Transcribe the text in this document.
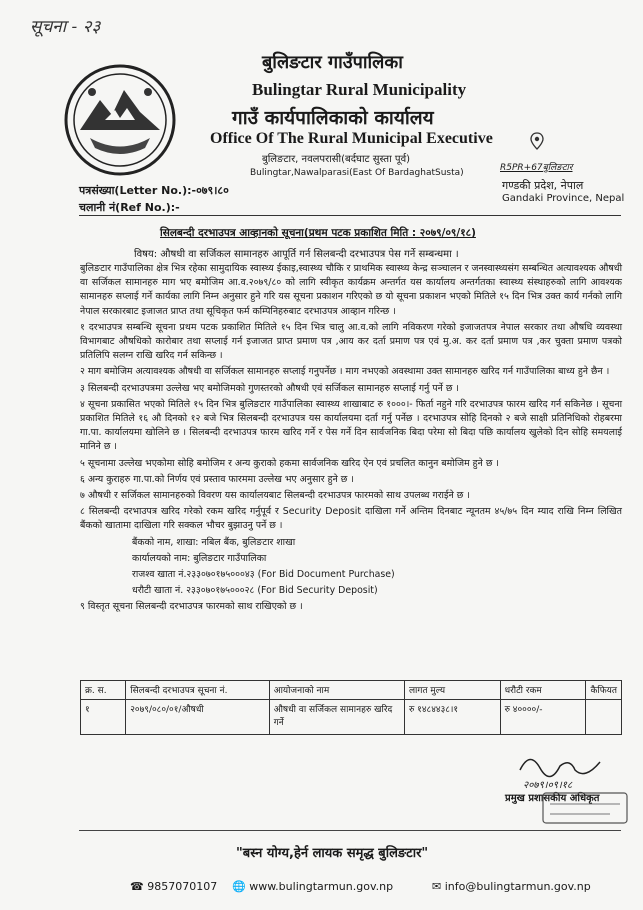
सूचना - २३
बुलिङटार गाउँपालिका
Bulingtar Rural Municipality
गाउँ कार्यपालिकाको कार्यालय
Office Of The Rural Municipal Executive
बुलिङटार, नवलपरासी(बर्दघाट सुस्ता पूर्व)
Bulingtar,Nawalparasi(East Of BardaghatSusta)	R5PR+67बुलिङटार
गण्डकी प्रदेश, नेपाल
Gandaki Province, Nepal
पत्रसंख्या(Letter No.):-०७९।८०
चलानी नं(Ref No.):-
सिलबन्दी दरभाउपत्र आव्हानको सूचना(प्रथम पटक प्रकाशित मिति : २०७९/०९/१८)
विषय: औषधी वा सर्जिकल सामानहरु आपूर्ति गर्न सिलबन्दी दरभाउपत्र पेस गर्ने सम्बन्धमा ।

बुलिङटार गाउँपालिका क्षेत्र भित्र रहेका सामुदायिक स्वास्थ्य ईकाइ,स्वास्थ्य चौकि र प्राथमिक स्वास्थ्य केन्द्र सञ्चालन र जनस्वास्थ्यसंग सम्बन्धित अत्यावश्यक औषधी वा सर्जिकल सामानहरु माग भए बमोजिम आ.व.२०७९/८० को लागि स्वीकृत कार्यक्रम अन्तर्गत यस कार्यालय अन्तर्गतका स्वास्थ्य संस्थाहरुको लागि आवश्यक सामानहरु सप्लाई गर्ने कार्यका लागि निम्न अनुसार हुने गरि यस सूचना प्रकाशन गरिएको छ यो सूचना प्रकाशन भएको मितिले १५ दिन भित्र उक्त कार्य गर्नको लागि नेपाल सरकारबाट इजाजत प्राप्त तथा सूचिकृत फर्म कम्पिनिहरुबाट दरभाउपत्र आव्हान गरिन्छ ।

१ दरभाउपत्र सम्बन्धि सूचना प्रथम पटक प्रकाशित मितिले १५ दिन भित्र चालु आ.व.को लागि नविकरण गरेको इजाजतपत्र नेपाल सरकार तथा औषधि व्यवस्था विभागबाट औषधिको कारोबार तथा सप्लाई गर्न इजाजत प्राप्त प्रमाण पत्र ,आय कर दर्ता प्रमाण पत्र एवं मु.अ. कर दर्ता प्रमाण पत्र ,कर चुक्ता प्रमाण पत्रको प्रतिलिपि सलग्न राखि खरिद गर्न सकिन्छ ।

२ माग बमोजिम अत्यावश्यक औषधी वा सर्जिकल सामानहरु सप्लाई गनुपर्नेछ । माग नभएको अवस्थामा उक्त सामानहरु खरिद गर्न गाउँपालिका बाध्य हुने छैन ।

३ सिलबन्दी दरभाउपत्रमा उल्लेख भए बमोजिमको गुणस्तरको औषधी एवं सर्जिकल सामानहरु सप्लाई गर्नु पर्ने छ ।

४ सूचना प्रकासित भएको मितिले १५ दिन भित्र बुलिङटार गाउँपालिका स्वास्थ्य शाखाबाट रु १०००।- फिर्ता नहुने गरि दरभाउपत्र फारम खरिद गर्न सकिनेछ । सूचना प्रकाशित मितिले १६ औ दिनको १२ बजे भित्र सिलबन्दी दरभाउपत्र यस कार्यालयमा दर्ता गर्नु पर्नेछ । दरभाउपत्र सोहि दिनको २ बजे साक्षी प्रतिनिधिको रोहबरमा गा.पा. कार्यालयमा खोलिने छ । सिलबन्दी दरभाउपत्र फारम खरिद गर्ने र पेस गर्ने दिन सार्वजनिक बिदा परेमा सो बिदा पछि कार्यालय खुलेको दिन सोहि समयलाई मानिने छ ।

५ सूचनामा उल्लेख भएकोमा सोहि बमोजिम र अन्य कुराको हकमा सार्वजनिक खरिद ऐन एवं प्रचलित कानुन बमोजिम हुने छ ।

६ अन्य कुराहरु गा.पा.को निर्णय एवं प्रस्ताव फारममा उल्लेख भए अनुसार हुने छ ।

७ औषधी र सर्जिकल सामानहरुको विवरण यस कार्यालयबाट सिलबन्दी दरभाउपत्र फारमको साथ उपलब्ध गराईने छ ।

८ सिलबन्दी दरभाउपत्र खरिद गरेको रकम खरिद गर्नुपूर्व र Security Deposit दाखिला गर्ने अन्तिम दिनबाट न्यूनतम ४५/७५ दिन म्याद राखि निम्न लिखित बैंकको खातामा दाखिला गरि सक्कल भौचर बुझाउनु पर्ने छ ।

बैंकको नाम, शाखा: नबिल बैंक, बुलिङटार शाखा

कार्यालयको नाम: बुलिङटार गाउँपालिका

राजश्व खाता नं.२३३०७०१७५०००४३ (For Bid Document Purchase)

धरौटी खाता नं. २३३०७०१७५०००२८ (For Bid Security Deposit)

९ विस्तृत सूचना सिलबन्दी दरभाउपत्र फारमको साथ राखिएको छ ।

क्र. स.	सिलबन्दी दरभाउपत्र सूचना नं.	आयोजनाको नाम	लागत मुल्य	धरौटी रकम	कैफियत
१	२०७९/०८०/०१/औषधी	औषधी वा सर्जिकल सामानहरु खरिद गर्ने	रु १४८४४३८।१	रु ४००००/-	
२०७९।०९।१८
प्रमुख प्रशासकीय अधिकृत
"बस्न योग्य,हेर्न लायक समृद्ध बुलिङटार"
☎ 9857070107 🌐 www.bulingtarmun.gov.np	✉ info@bulingtarmun.gov.np
